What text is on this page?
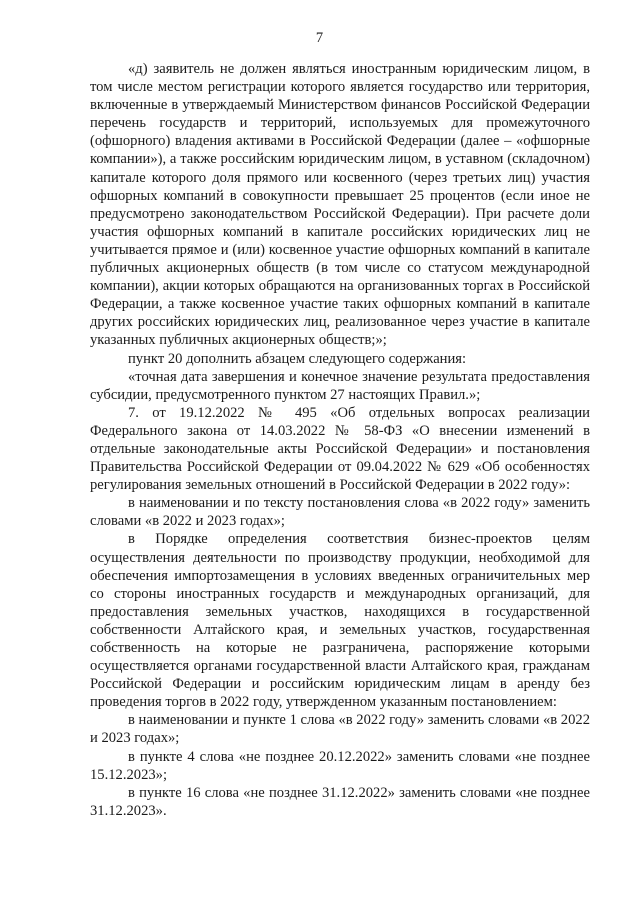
7

«д) заявитель не должен являться иностранным юридическим лицом, в том числе местом регистрации которого является государство или территория, включенные в утверждаемый Министерством финансов Российской Федерации перечень государств и территорий, используемых для промежуточного (офшорного) владения активами в Российской Федерации (далее – «офшорные компании»), а также российским юридическим лицом, в уставном (складочном) капитале которого доля прямого или косвенного (через третьих лиц) участия офшорных компаний в совокупности превышает 25 процентов (если иное не предусмотрено законодательством Российской Федерации). При расчете доли участия офшорных компаний в капитале российских юридических лиц не учитывается прямое и (или) косвенное участие офшорных компаний в капитале публичных акционерных обществ (в том числе со статусом международной компании), акции которых обращаются на организованных торгах в Российской Федерации, а также косвенное участие таких офшорных компаний в капитале других российских юридических лиц, реализованное через участие в капитале указанных публичных акционерных обществ;»;

пункт 20 дополнить абзацем следующего содержания:

«точная дата завершения и конечное значение результата предоставления субсидии, предусмотренного пунктом 27 настоящих Правил.»;

7. от 19.12.2022 № 495 «Об отдельных вопросах реализации Федерального закона от 14.03.2022 № 58-ФЗ «О внесении изменений в отдельные законодательные акты Российской Федерации» и постановления Правительства Российской Федерации от 09.04.2022 № 629 «Об особенностях регулирования земельных отношений в Российской Федерации в 2022 году»:

в наименовании и по тексту постановления слова «в 2022 году» заменить словами «в 2022 и 2023 годах»;

в Порядке определения соответствия бизнес-проектов целям осуществления деятельности по производству продукции, необходимой для обеспечения импортозамещения в условиях введенных ограничительных мер со стороны иностранных государств и международных организаций, для предоставления земельных участков, находящихся в государственной собственности Алтайского края, и земельных участков, государственная собственность на которые не разграничена, распоряжение которыми осуществляется органами государственной власти Алтайского края, гражданам Российской Федерации и российским юридическим лицам в аренду без проведения торгов в 2022 году, утвержденном указанным постановлением:

в наименовании и пункте 1 слова «в 2022 году» заменить словами «в 2022 и 2023 годах»;

в пункте 4 слова «не позднее 20.12.2022» заменить словами «не позднее 15.12.2023»;

в пункте 16 слова «не позднее 31.12.2022» заменить словами «не позднее 31.12.2023».
